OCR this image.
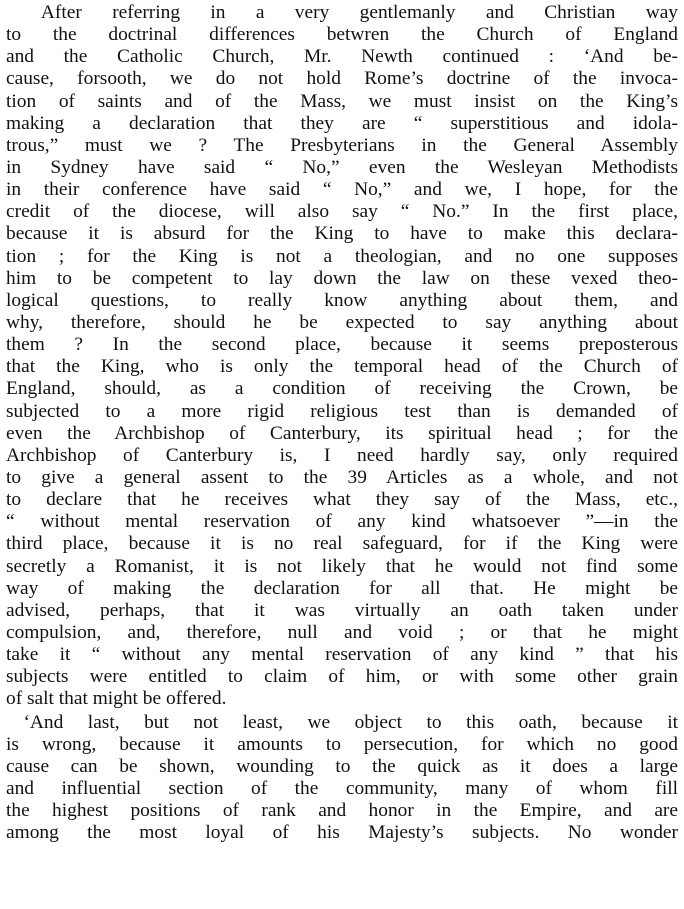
After referring in a very gentlemanly and Christian way
to the doctrinal differences betwren the Church of England
and the Catholic Church, Mr. Newth continued : ‘And be-
cause, forsooth, we do not hold Rome’s doctrine of the invoca-
tion of saints and of the Mass, we must insist on the King’s
making a declaration that they are “ superstitious and idola-
trous,” must we ? The Presbyterians in the General Assembly
in Sydney have said “ No,” even the Wesleyan Methodists
in their conference have said “ No,” and we, I hope, for the
credit of the diocese, will also say “ No.” In the first place,
because it is absurd for the King to have to make this declara-
tion ; for the King is not a theologian, and no one supposes
him to be competent to lay down the law on these vexed theo-
logical questions, to really know anything about them, and
why, therefore, should he be expected to say anything about
them ? In the second place, because it seems preposterous
that the King, who is only the temporal head of the Church of
England, should, as a condition of receiving the Crown, be
subjected to a more rigid religious test than is demanded of
even the Archbishop of Canterbury, its spiritual head ; for the
Archbishop of Canterbury is, I need hardly say, only required
to give a general assent to the 39 Articles as a whole, and not
to declare that he receives what they say of the Mass, etc.,
“ without mental reservation of any kind whatsoever ”—in the
third place, because it is no real safeguard, for if the King were
secretly a Romanist, it is not likely that he would not find some
way of making the declaration for all that. He might be
advised, perhaps, that it was virtually an oath taken under
compulsion, and, therefore, null and void ; or that he might
take it “ without any mental reservation of any kind ” that his
subjects were entitled to claim of him, or with some other grain
of salt that might be offered.
‘And last, but not least, we object to this oath, because it
is wrong, because it amounts to persecution, for which no good
cause can be shown, wounding to the quick as it does a large
and influential section of the community, many of whom fill
the highest positions of rank and honor in the Empire, and are
among the most loyal of his Majesty’s subjects. No wonder
